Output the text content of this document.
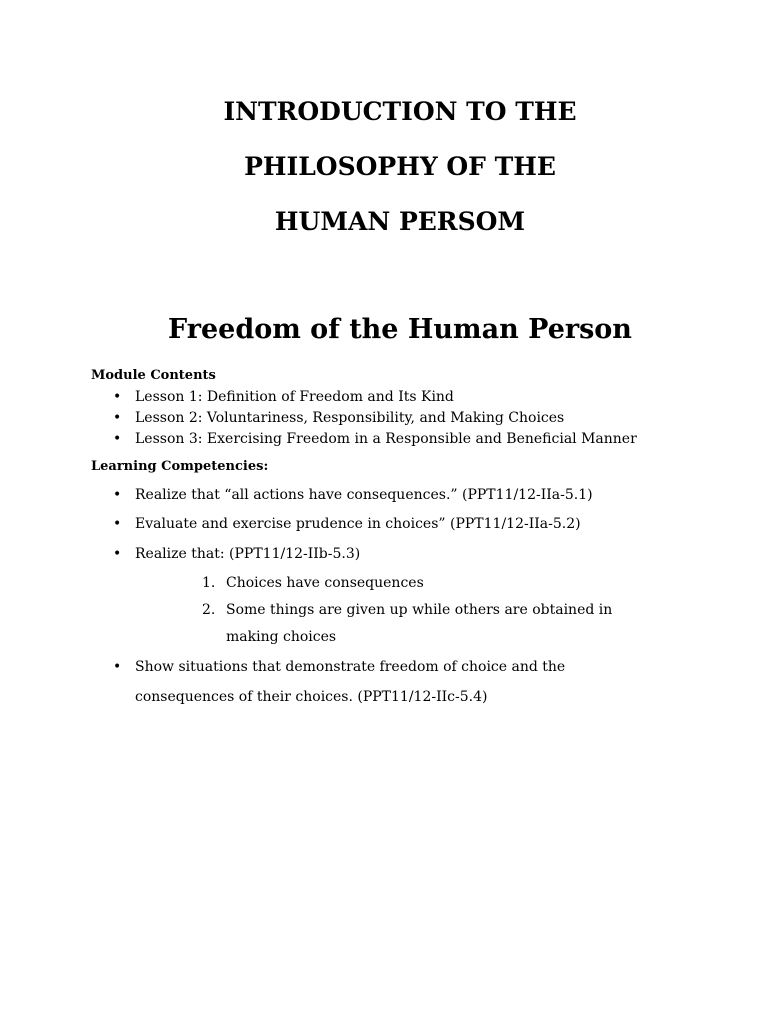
INTRODUCTION TO THE
PHILOSOPHY OF THE
HUMAN PERSOM
Freedom of the Human Person
Module Contents
• Lesson 1: Definition of Freedom and Its Kind
• Lesson 2: Voluntariness, Responsibility, and Making Choices
• Lesson 3: Exercising Freedom in a Responsible and Beneficial Manner
Learning Competencies:
• Realize that “all actions have consequences.” (PPT11/12-IIa-5.1)
• Evaluate and exercise prudence in choices” (PPT11/12-IIa-5.2)
• Realize that: (PPT11/12-IIb-5.3)
1. Choices have consequences
2. Some things are given up while others are obtained in
making choices
• Show situations that demonstrate freedom of choice and the
consequences of their choices. (PPT11/12-IIc-5.4)
